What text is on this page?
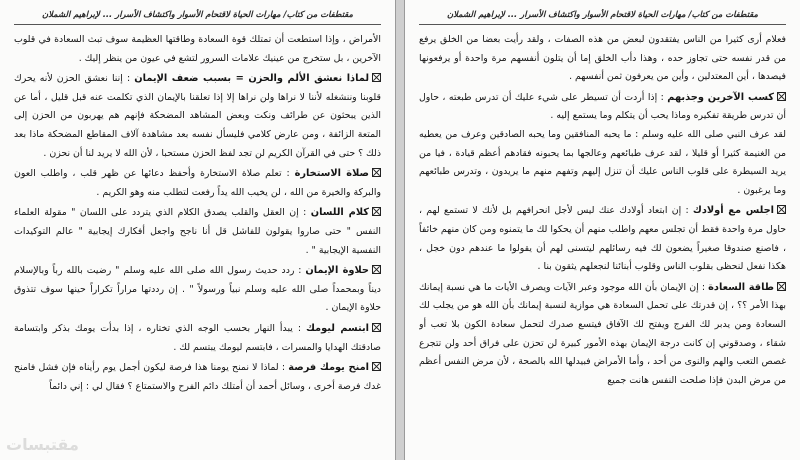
مقتطفات من كتاب/ مهارات الحياة لاقتحام الأسوار واكتشاف الأسرار ... لإبراهيم الشملان

فعلام أرى كثيرا من الناس يفتقدون لبعض من هذه الصفات ، ولقد رأيت بعضا من الخلق يرفع من قدر نفسه حتى تجاوز حده ، وهذا دأب الخلق إما أن يتلون أنفسهم مرة واحدة أو يرفعونها فيصدها ، أين المعتدلين ، وأين من يعرفون ثمن أنفسهم .

كسب الآخرين وجذبهم : إذا أردت أن تسيطر على شيء عليك أن تدرس طبعته ، حاول أن تدرس طريقة تفكيره وماذا يحب أن يتكلم وما يستمع إليه .

لقد عرف النبي صلى الله عليه وسلم : ما يحبه المنافقين وما يحبه الصادقين وعرف من يعطيه من الغنيمة كثيرا أو قليلا ، لقد عرف طبائعهم وعالجها بما يحبونه فقادهم أعظم قيادة ، فيا من يريد السيطرة على قلوب الناس عليك أن تنزل إليهم وتفهم منهم ما يريدون ، وتدرس طبائعهم وما يرغبون .

اجلس مع أولادك : إن ابتعاد أولادك عنك ليس لأجل انحرافهم بل لأنك لا تستمع لهم ، حاول مرة واحدة فقط أن تجلس معهم واطلب منهم أن يحكوا لك ما يتمنوه ومن كان منهم خائفاً ، فاصنع صندوقا صغيراً يضعون لك فيه رسائلهم ليتسنى لهم أن يقولوا ما عندهم دون خجل ، هكذا نفعل لنحظى بقلوب الناس وقلوب أبنائنا لنجعلهم يثقون بنا .

طاقة السعادة : إن الإيمان بأن الله موجود وعبر الآيات ويصرف الأيات ما هي نسبة إيمانك بهذا الأمر ؟؟ ، إن قدرتك على تحمل السعادة هي موازية لنسبة إيمانك بأن الله هو من يجلب لك السعادة ومن يدبر لك الفرج ويفتح لك الآفاق فيتسع صدرك لتحمل سعادة الكون بلا تعب أو شقاء ، وصدقوني إن كانت درجة الإيمان بهذه الأمور كبيرة لن تحزن على فراق أحد ولن تتجرع غصص التعب والهم والنوى من أحد ، وأما الأمراض فبيدلها الله بالصحة ، لأن مرض النفس أعظم من مرض البدن فإذا صلحت النفس هانت جميع

مقتطفات من كتاب/ مهارات الحياة لاقتحام الأسوار واكتشاف الأسرار ... لإبراهيم الشملان

الأمراض ، وإذا استطعت أن تمتلك قوة السعادة وطاقتها العظيمة سوف تبث السعادة في قلوب الآخرين ، بل ستخرج من عينيك علامات السرور لتشع في عيون من ينظر إليك .

لماذا نعشق الألم والحزن = بسبب ضعف الإيمان : إننا نعشق الحزن لأنه يحرك قلوبنا وننشغله لأننا لا نراها ولن نراها إلا إذا تعلقنا بالإيمان الذي تكلمت عنه قبل قليل ، أما عن الذين يبحثون عن طرائف ونكت وبعض المشاهد المضحكة فإنهم هم يهربون من الحزن إلى المتعة الزائفة ، ومن عارض كلامي فليسأل نفسه بعد مشاهدة آلاف المقاطع المضحكة ماذا بعد ذلك ؟ حتى في القرآن الكريم لن تجد لفظ الحزن مستحبا ، لأن الله لا يريد لنا أن نحزن .

صلاة الاستخارة : تعلم صلاة الاستخارة وأحفظ دعائها عن ظهر قلب ، واطلب العون والبركة والخيرة من الله ، لن يخيب الله يداً رفعت لتطلب منه وهو الكريم .

كلام اللسان : إن العقل والقلب يصدق الكلام الذي يتردد على اللسان " مقولة العلماء النفس " حتى صاروا يقولون للفاشل قل أنا ناجح واجعل أفكارك إيجابية " عالم التوكيدات النفسية الإيجابية " .

حلاوة الإيمان : ردد حديث رسول الله صلى الله عليه وسلم " رضيت بالله رباً وبالإسلام ديناً وبمحمداً صلى الله عليه وسلم نبياً ورسولاً " . إن رددتها مراراً تكراراً حينها سوف تتذوق حلاوة الإيمان .

ابتسم ليومك : يبدأ النهار بحسب الوجه الذي تختاره ، إذا بدأت يومك بذكر وابتسامة صادقتك الهدايا والمسرات ، فابتسم ليومك يبتسم لك .

امنح يومك فرصة : لماذا لا نمنح يومنا هذا فرصة ليكون أجمل يوم رأيناه فإن فشل فامنح غدك فرصة أخرى ، وسائل أحمد أن أمتلك دائم الفرح والاستمتاع ؟ فقال لي : إني دائماً

مقتبسات
